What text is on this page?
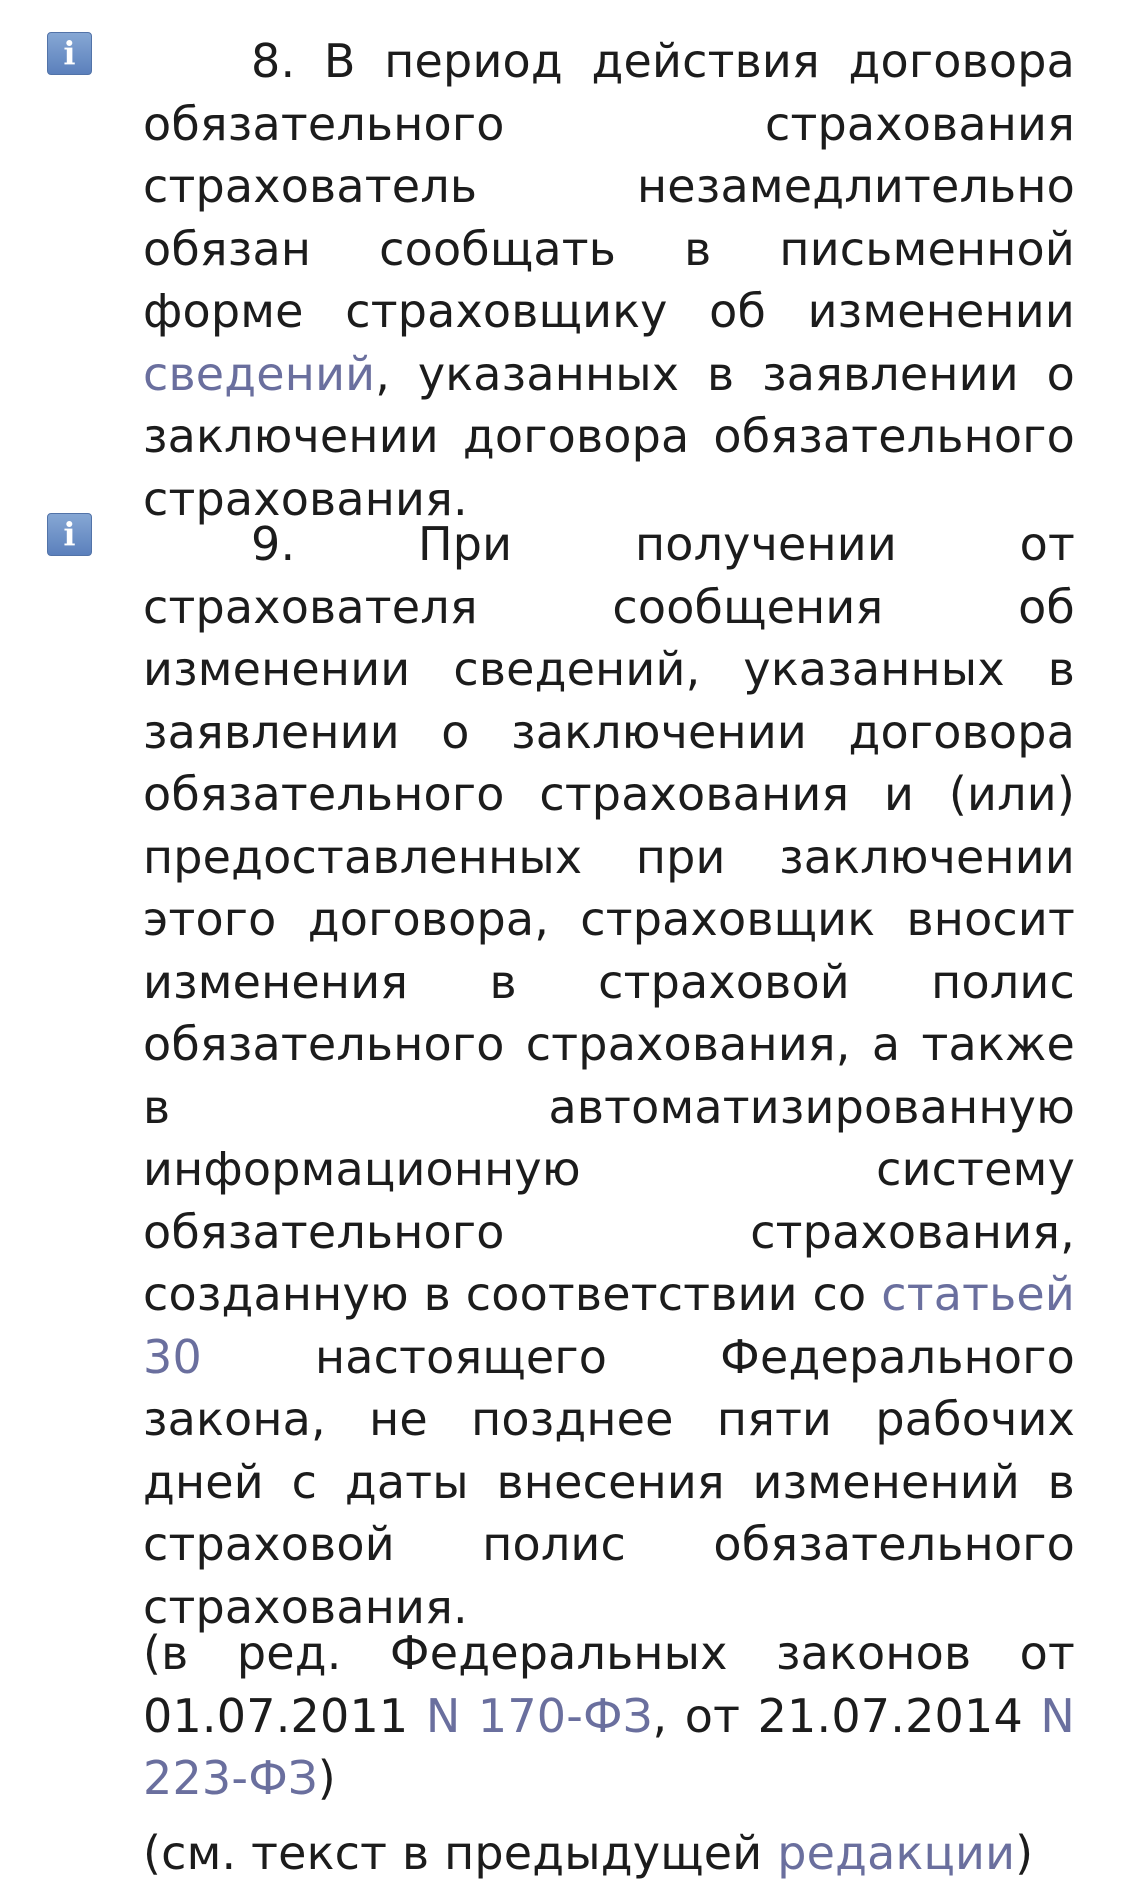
i	8. В период действия договора обязательного страхования страхователь незамедлительно обязан сообщать в письменной форме страховщику об изменении сведений, указанных в заявлении о заключении договора обязательного страхования.

i	9. При получении от страхователя сообщения об изменении сведений, указанных в заявлении о заключении договора обязательного страхования и (или) предоставленных при заключении этого договора, страховщик вносит изменения в страховой полис обязательного страхования, а также в автоматизированную информационную систему обязательного страхования, созданную в соответствии со статьей 30 настоящего Федерального закона, не позднее пяти рабочих дней с даты внесения изменений в страховой полис обязательного страхования.

(в ред. Федеральных законов от 01.07.2011 N 170-ФЗ, от 21.07.2014 N 223-ФЗ)

(см. текст в предыдущей редакции)
